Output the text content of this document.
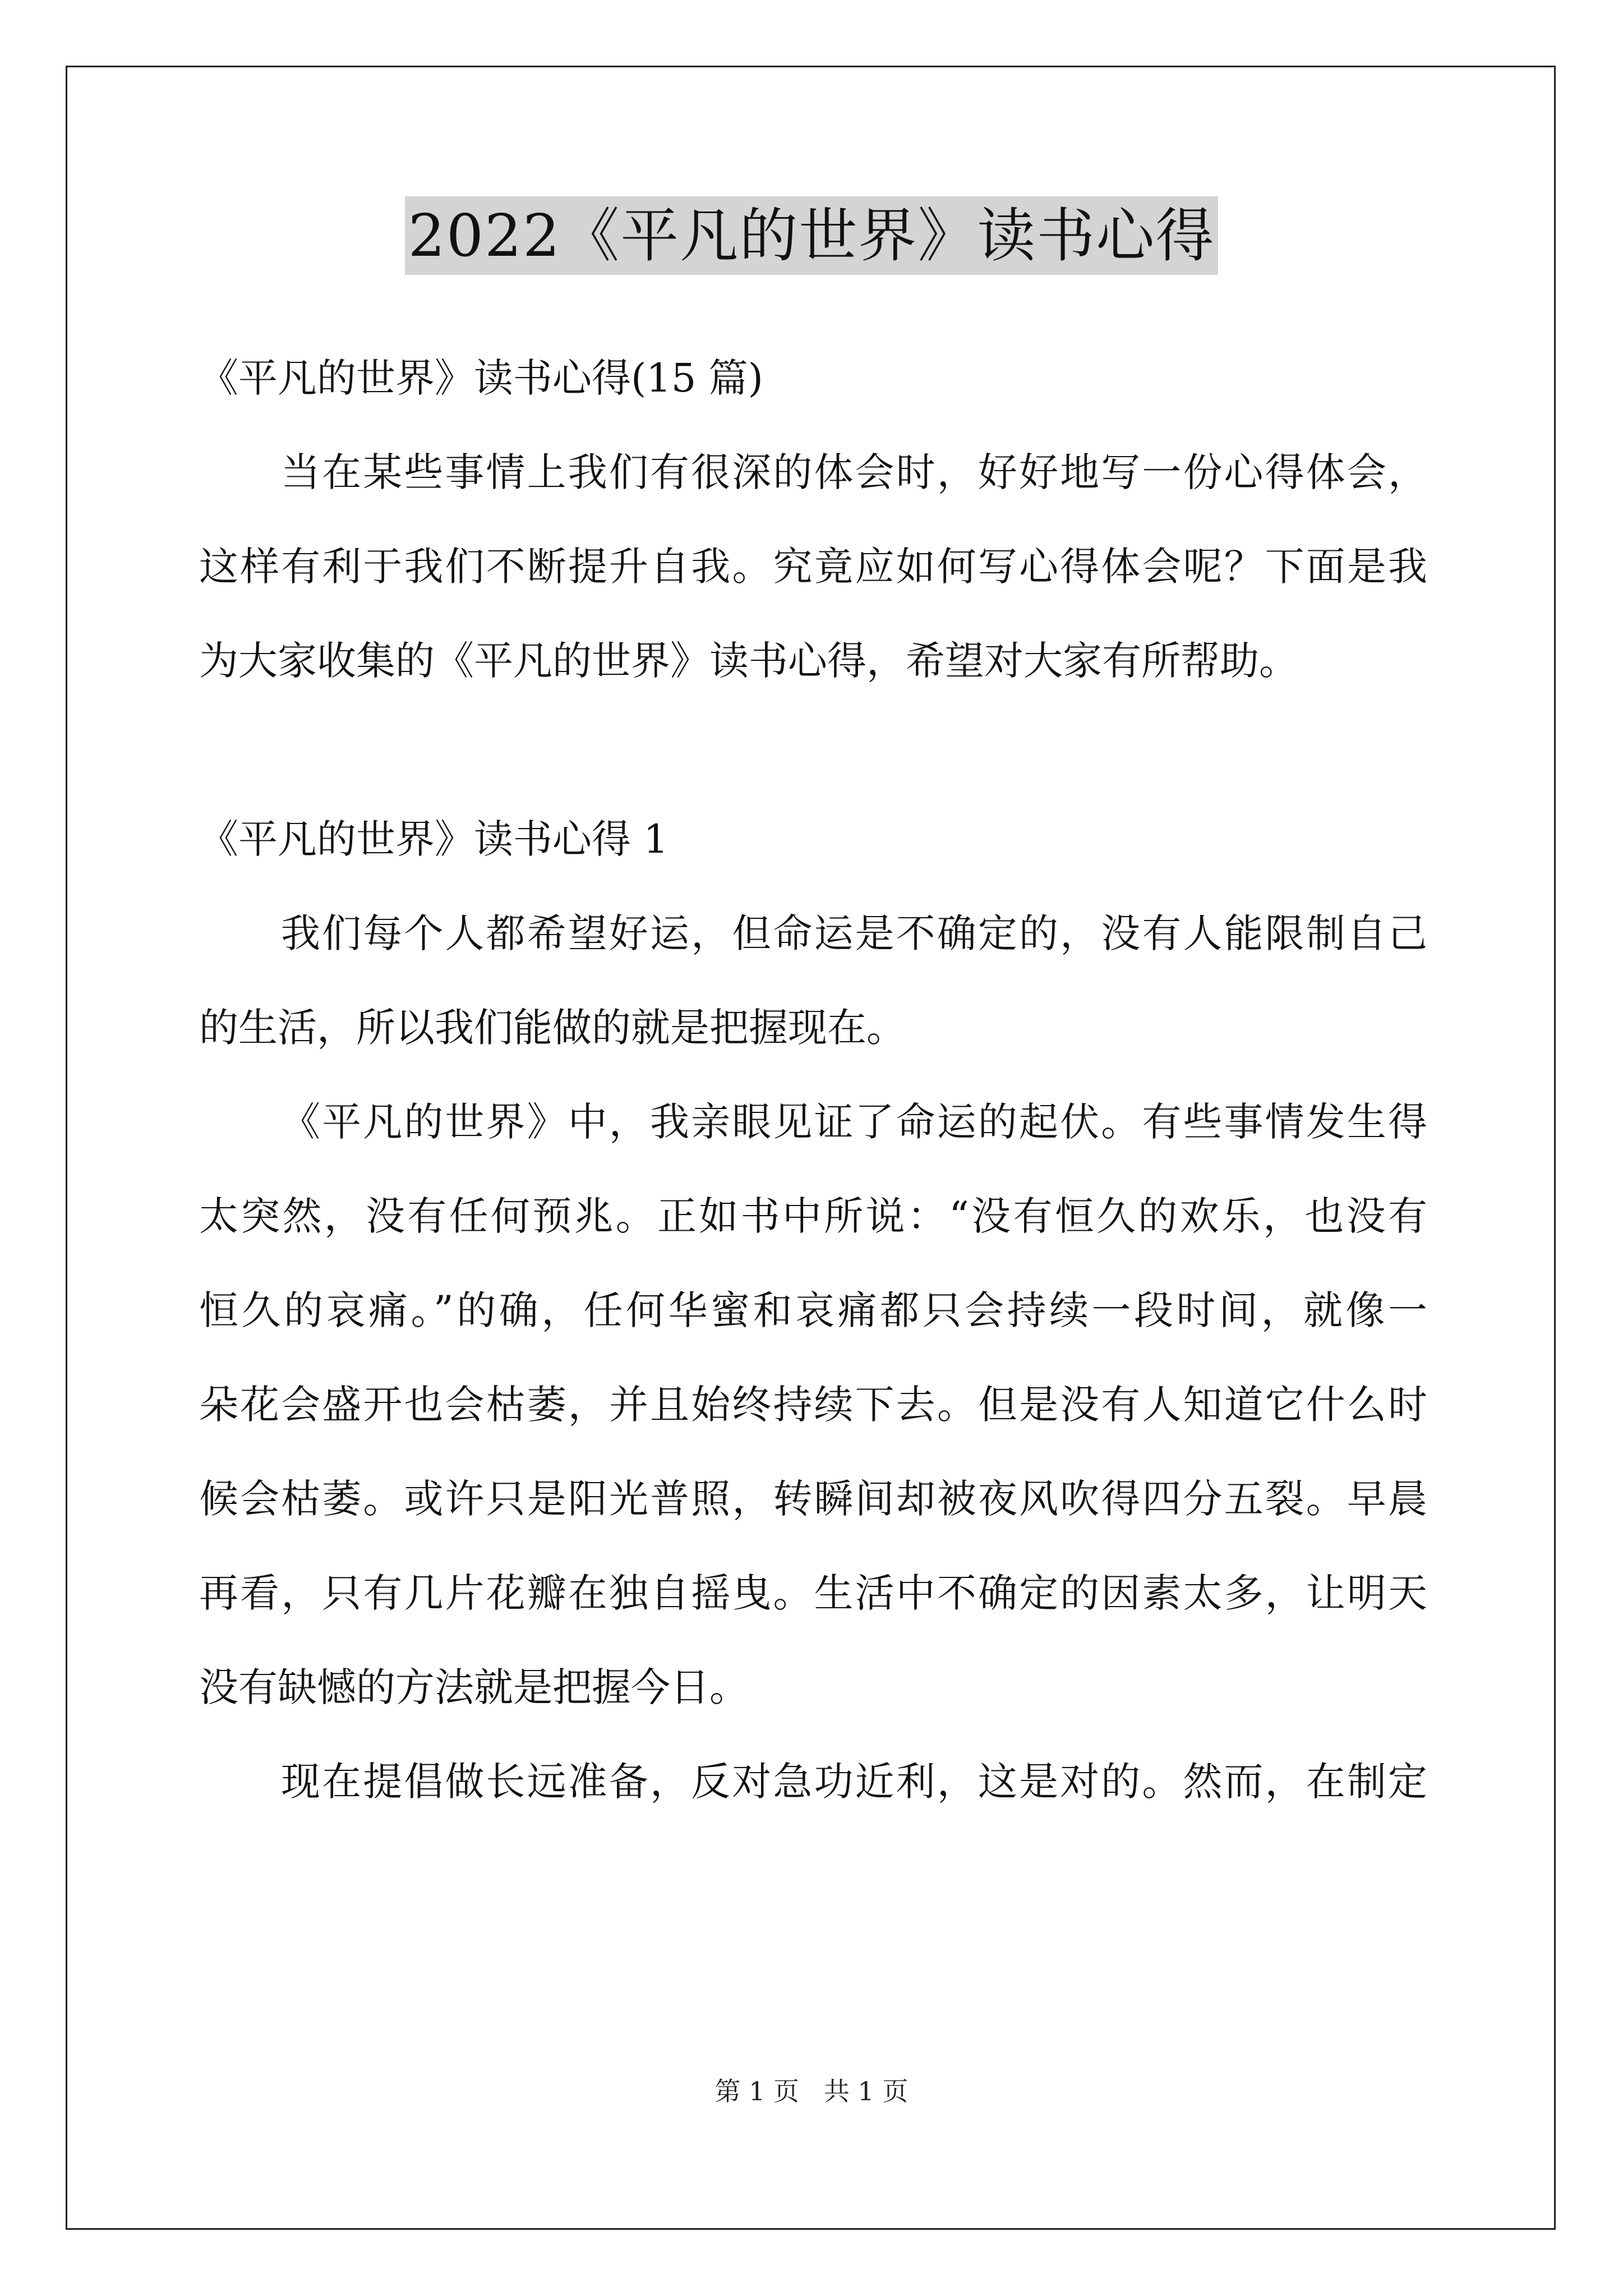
2022《平凡的世界》读书心得
《平凡的世界》读书心得(15 篇)
当在某些事情上我们有很深的体会时，好好地写一份心得体会，
这样有利于我们不断提升自我。究竟应如何写心得体会呢？下面是我
为大家收集的《平凡的世界》读书心得，希望对大家有所帮助。
《平凡的世界》读书心得 1
我们每个人都希望好运，但命运是不确定的，没有人能限制自己
的生活，所以我们能做的就是把握现在。
《平凡的世界》中，我亲眼见证了命运的起伏。有些事情发生得
太突然，没有任何预兆。正如书中所说：“没有恒久的欢乐，也没有
恒久的哀痛。”的确，任何华蜜和哀痛都只会持续一段时间，就像一
朵花会盛开也会枯萎，并且始终持续下去。但是没有人知道它什么时
候会枯萎。或许只是阳光普照，转瞬间却被夜风吹得四分五裂。早晨
再看，只有几片花瓣在独自摇曳。生活中不确定的因素太多，让明天
没有缺憾的方法就是把握今日。
现在提倡做长远准备，反对急功近利，这是对的。然而，在制定
第 1 页   共 1 页
